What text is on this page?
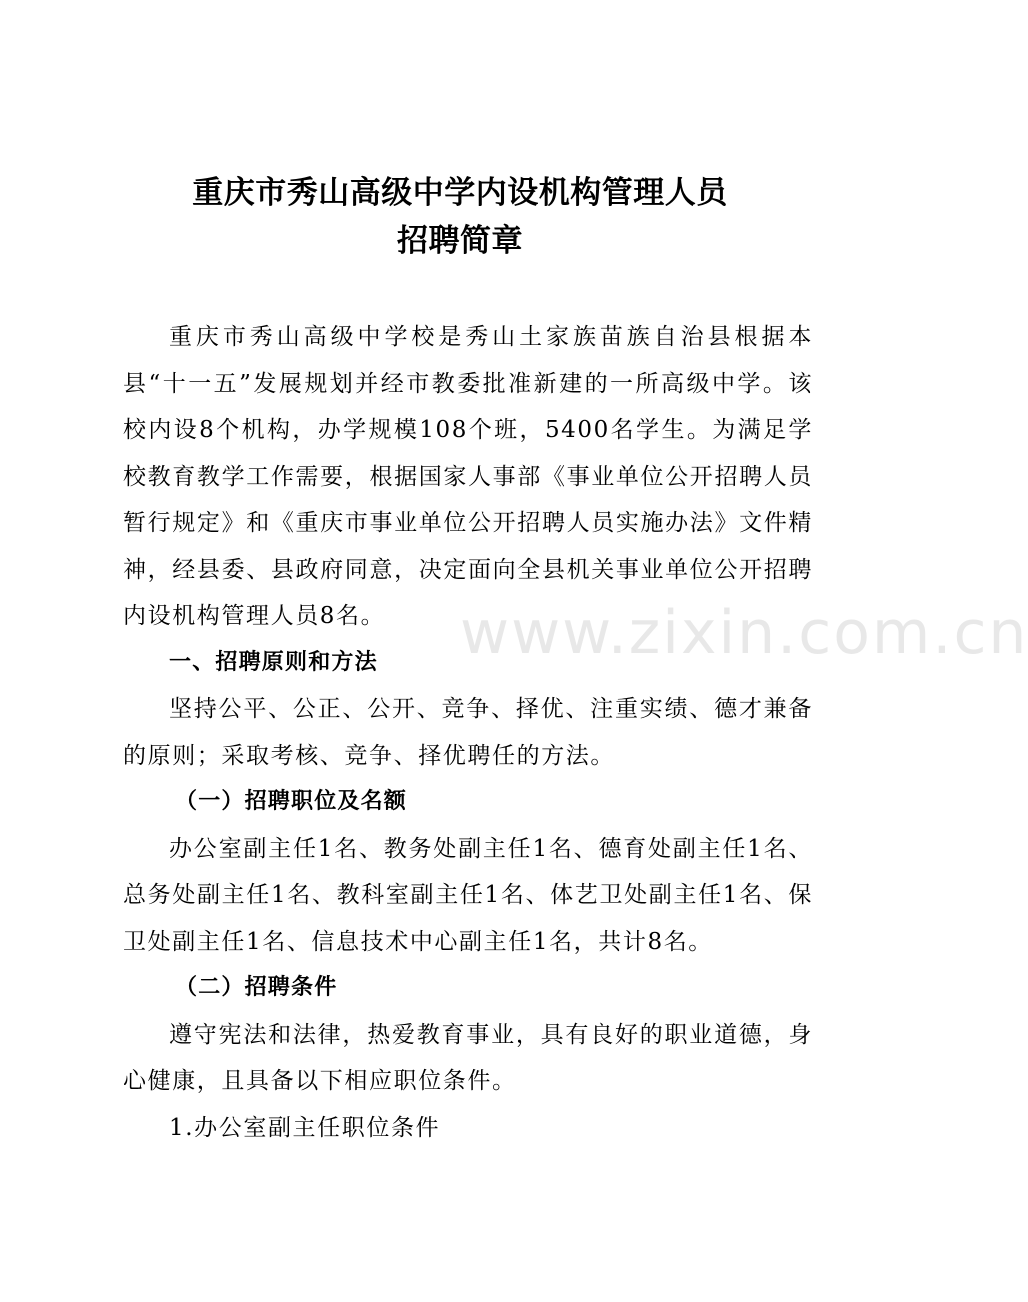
重庆市秀山高级中学内设机构管理人员
招聘简章

重庆市秀山高级中学校是秀山土家族苗族自治县根据本县“十一五”发展规划并经市教委批准新建的一所高级中学。该校内设8个机构，办学规模108个班，5400名学生。为满足学校教育教学工作需要，根据国家人事部《事业单位公开招聘人员暂行规定》和《重庆市事业单位公开招聘人员实施办法》文件精神，经县委、县政府同意，决定面向全县机关事业单位公开招聘内设机构管理人员8名。

一、招聘原则和方法

坚持公平、公正、公开、竞争、择优、注重实绩、德才兼备的原则；采取考核、竞争、择优聘任的方法。

（一）招聘职位及名额

办公室副主任1名、教务处副主任1名、德育处副主任1名、总务处副主任1名、教科室副主任1名、体艺卫处副主任1名、保卫处副主任1名、信息技术中心副主任1名，共计8名。

（二）招聘条件

遵守宪法和法律，热爱教育事业，具有良好的职业道德，身心健康，且具备以下相应职位条件。

1.办公室副主任职位条件

www.zixin.com.cn
